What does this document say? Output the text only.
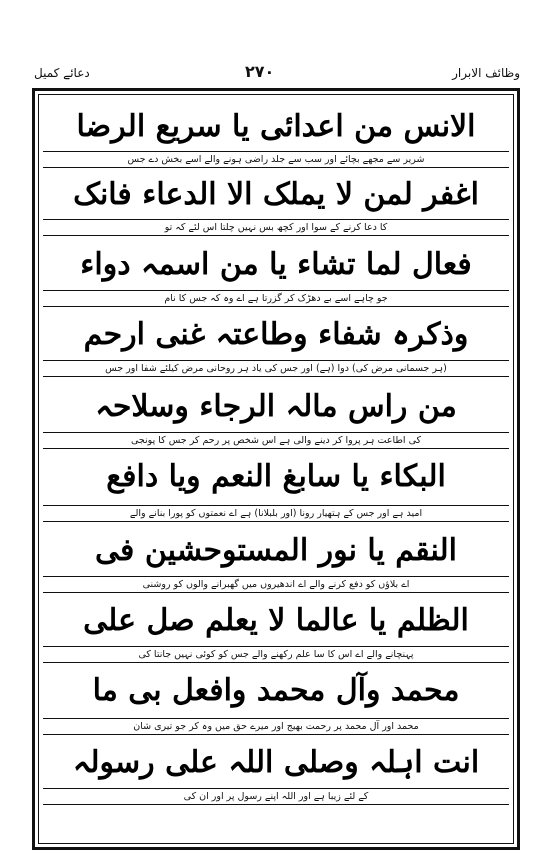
دعائے کمیل	۲۷۰	وظائف الابرار
الانس من اعدائی یا سریع الرضا
شریر سے مجھے بچائے اور سب سے جلد راضی ہونے والے اسے بخش دے جس
اغفر لمن لا یملک الا الدعاء فانک
کا دعا کرنے کے سوا اور کچھ بس نہیں چلتا اس لئے کہ تو
فعال لما تشاء یا من اسمہ دواء
جو چاہے اسے بے دھڑک کر گزرتا ہے اے وہ کہ جس کا نام
وذکرہ شفاء وطاعتہ غنی ارحم
(ہر جسمانی مرض کی) دوا (ہے) اور جس کی یاد ہر روحانی مرض کیلئے شفا اور جس
من راس مالہ الرجاء وسلاحہ
کی اطاعت ہر پروا کر دینے والی ہے اس شخص پر رحم کر جس کا پونجی
البکاء یا سابغ النعم ویا دافع
امید ہے اور جس کے ہتھیار رونا (اور بلبلانا) ہے اے نعمتوں کو پورا بنانے والے
النقم یا نور المستوحشین فی
اے بلاؤں کو دفع کرنے والے اے اندھیروں میں گھبرانے والوں کو روشنی
الظلم یا عالما لا یعلم صل علی
پہنچانے والے اے اس کا سا علم رکھنے والے جس کو کوئی نہیں جانتا کی
محمد وآل محمد وافعل بی ما
محمد اور آل محمد پر رحمت بھیج اور میرے حق میں وہ کر جو تیری شان
انت اہلہ وصلی اللہ علی رسولہ
کے لئے زیبا ہے اور اللہ اپنے رسول پر اور ان کی
